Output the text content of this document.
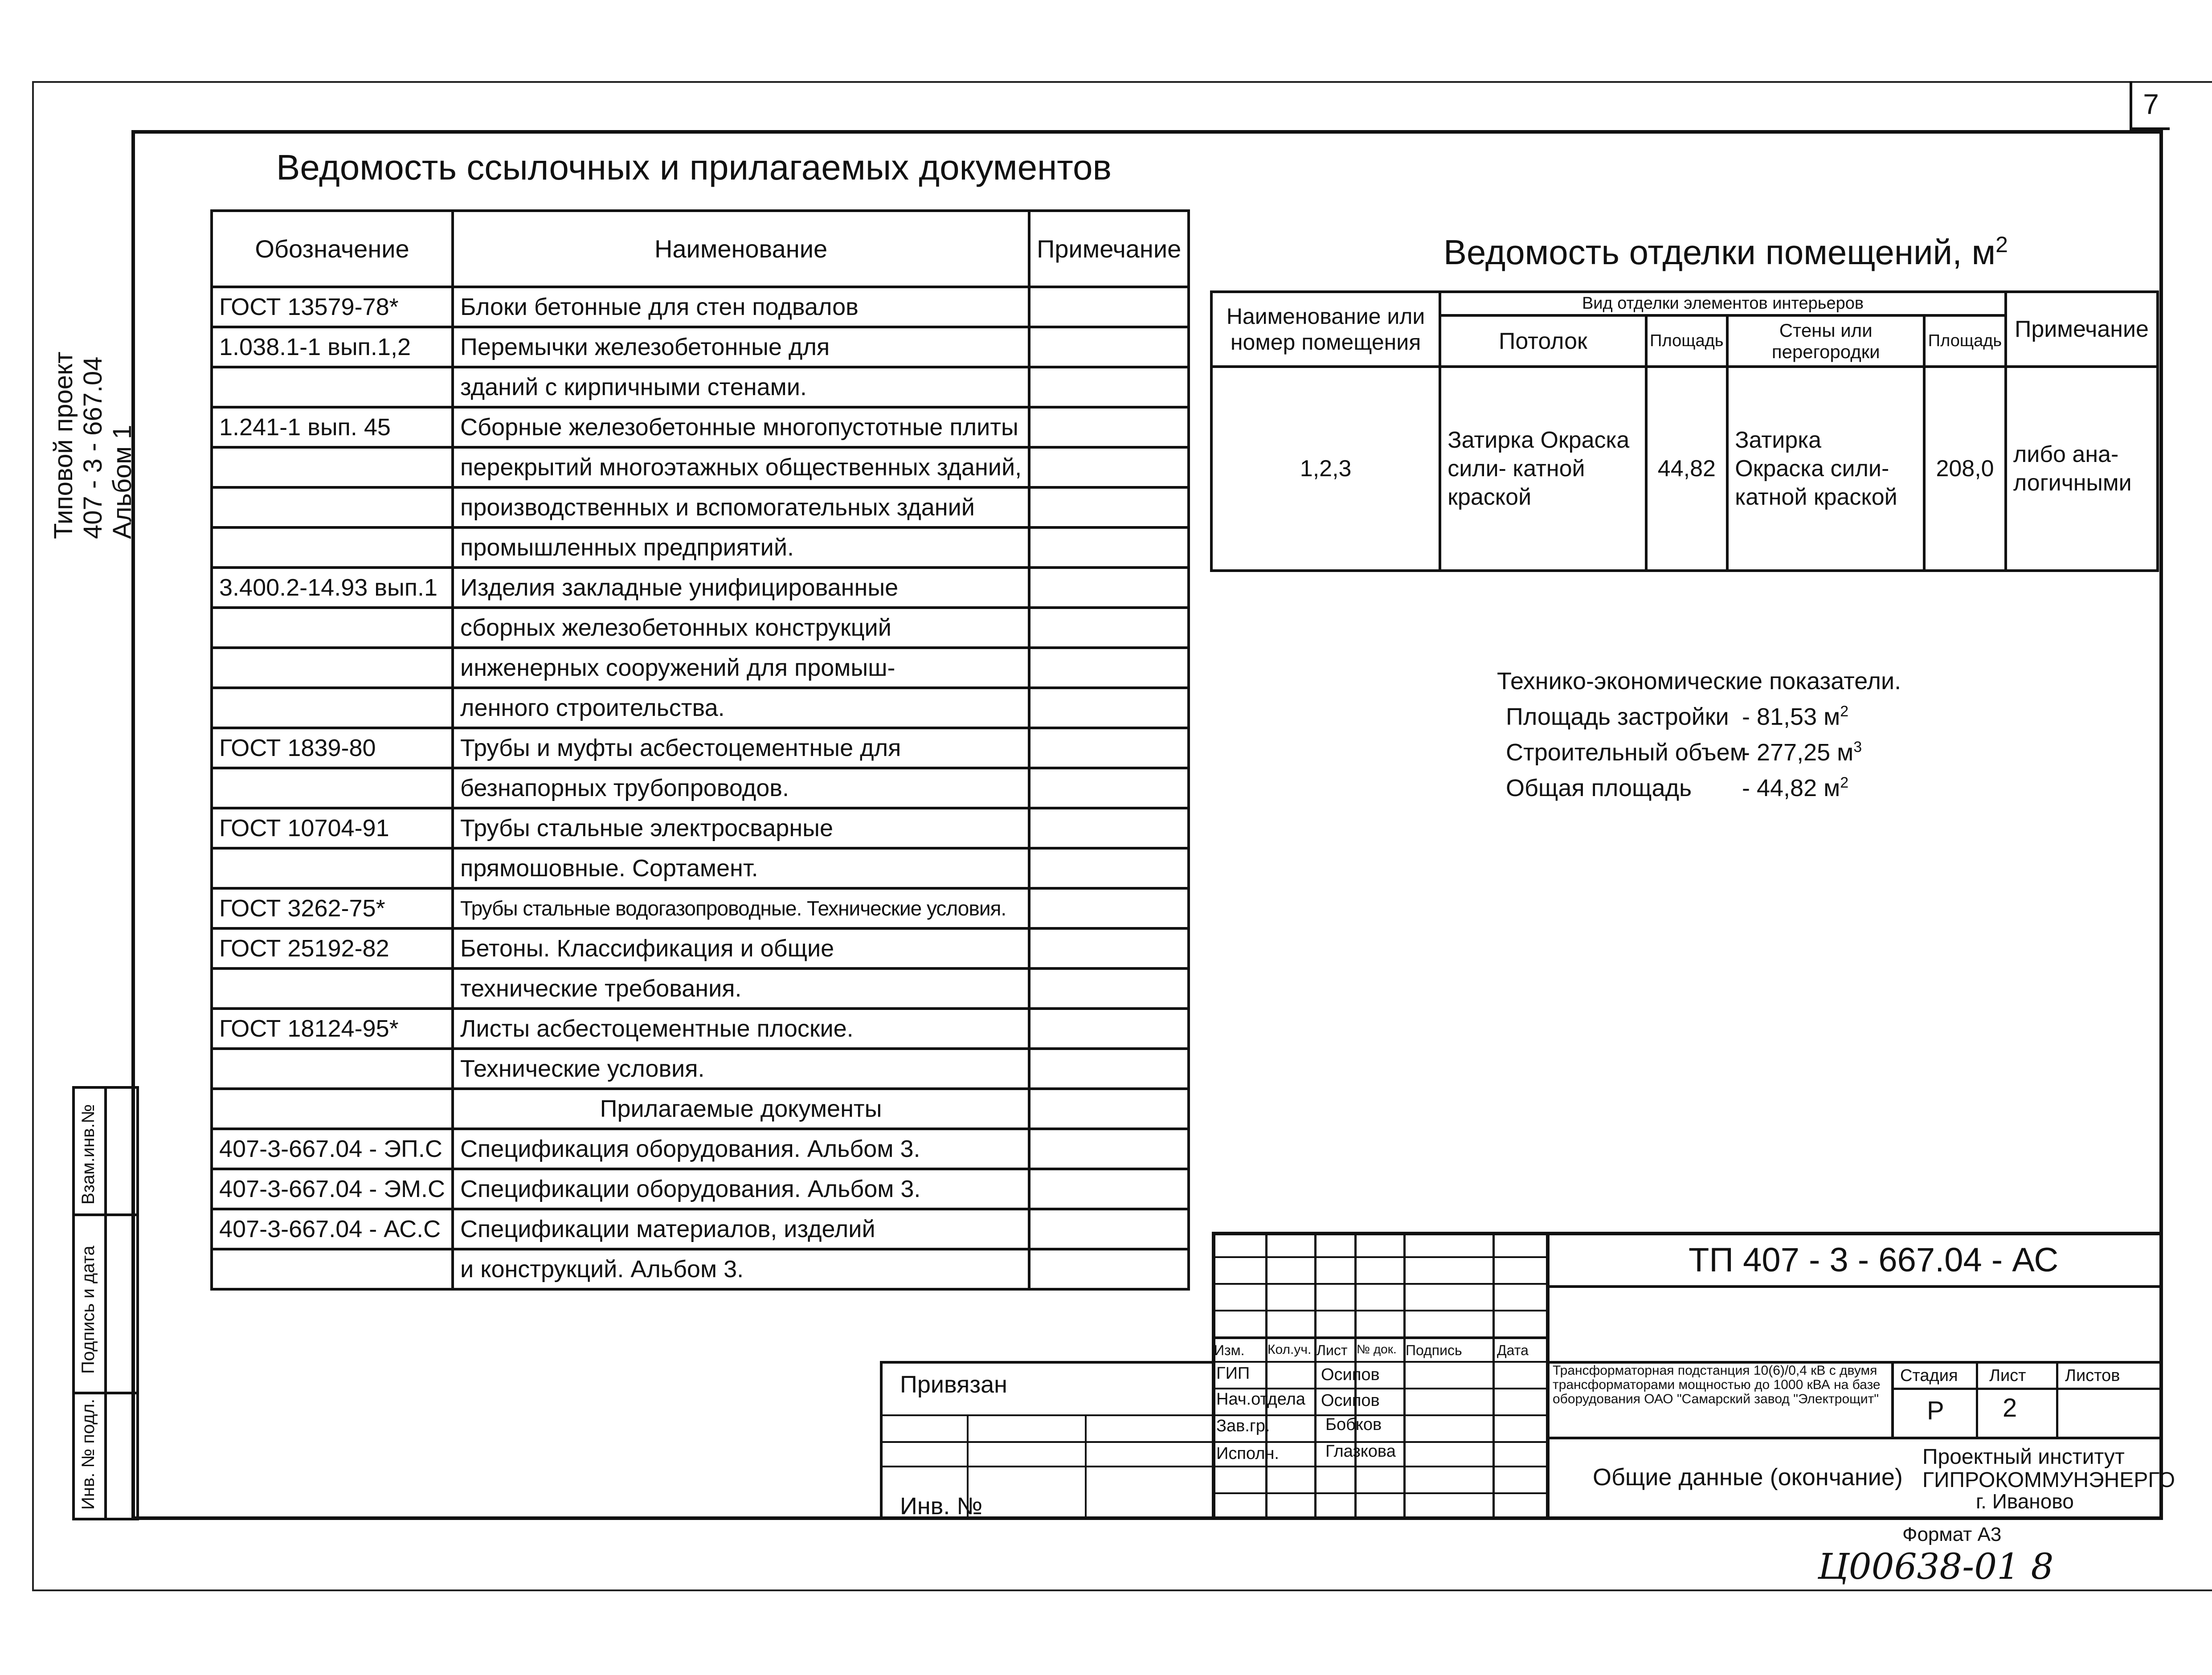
7
Ведомость ссылочных и прилагаемых документов
Обозначение	Наименование	Примечание
ГОСТ 13579-78*	Блоки бетонные для стен подвалов	
1.038.1-1 вып.1,2	Перемычки железобетонные для	
	зданий с кирпичными стенами.	
1.241-1 вып. 45	Сборные железобетонные многопустотные плиты	
	перекрытий многоэтажных общественных зданий,	
	производственных и вспомогательных зданий	
	промышленных предприятий.	
3.400.2-14.93 вып.1	Изделия закладные унифицированные	
	сборных железобетонных конструкций	
	инженерных сооружений для промыш-	
	ленного строительства.	
ГОСТ 1839-80	Трубы и муфты асбестоцементные для	
	безнапорных трубопроводов.	
ГОСТ 10704-91	Трубы стальные электросварные	
	прямошовные. Сортамент.	
ГОСТ 3262-75*	Трубы стальные водогазопроводные. Технические условия.	
ГОСТ 25192-82	Бетоны. Классификация и общие	
	технические требования.	
ГОСТ 18124-95*	Листы асбестоцементные плоские.	
	Технические условия.	
	Прилагаемые документы	
407-3-667.04 - ЭП.С	Спецификация оборудования. Альбом 3.	
407-3-667.04 - ЭМ.С	Спецификации оборудования. Альбом 3.	
407-3-667.04 - АС.С	Спецификации материалов, изделий	
	и конструкций. Альбом 3.	
Ведомость отделки помещений, $м^2$
Наименование или номер помещения	Вид отделки элементов интерьеров				Примечание
	Потолок	Площадь	Стены или перегородки	Площадь	
1,2,3	Затирка Окраска сили- катной краской	44,82	Затирка Окраска сили- катной краской	208,0	либо ана- логичными
Технико-экономические показатели.
Площадь застройки - 81,53 $м^2$
Строительный объем- 277,25 $м^3$
Общая площадь - 44,82 $м^2$
Типовой проект 407 - 3 - 667.04 Альбом 1
Взам.инв.№
Подпись и дата
Инв. № подл.
ТП 407 - 3 - 667.04 - АС
Изм. Кол.уч. Лист № док. Подпись Дата
ГИП	Осипов
Нач.отдела Осипов
Зав.гр.	Бобков
Исполн.	Глазкова
Привязан
Инв. №
Трансформаторная подстанция 10(6)/0,4 кВ с двумя трансформаторами мощностью до 1000 кВА на базе оборудования ОАО "Самарский завод "Электрощит"
Общие данные (окончание)
Стадия Лист Листов
Р 2
Проектный институт
ГИПРОКОММУНЭНЕРГО
г. Иваново
Формат А3
Ц00638-01 8
